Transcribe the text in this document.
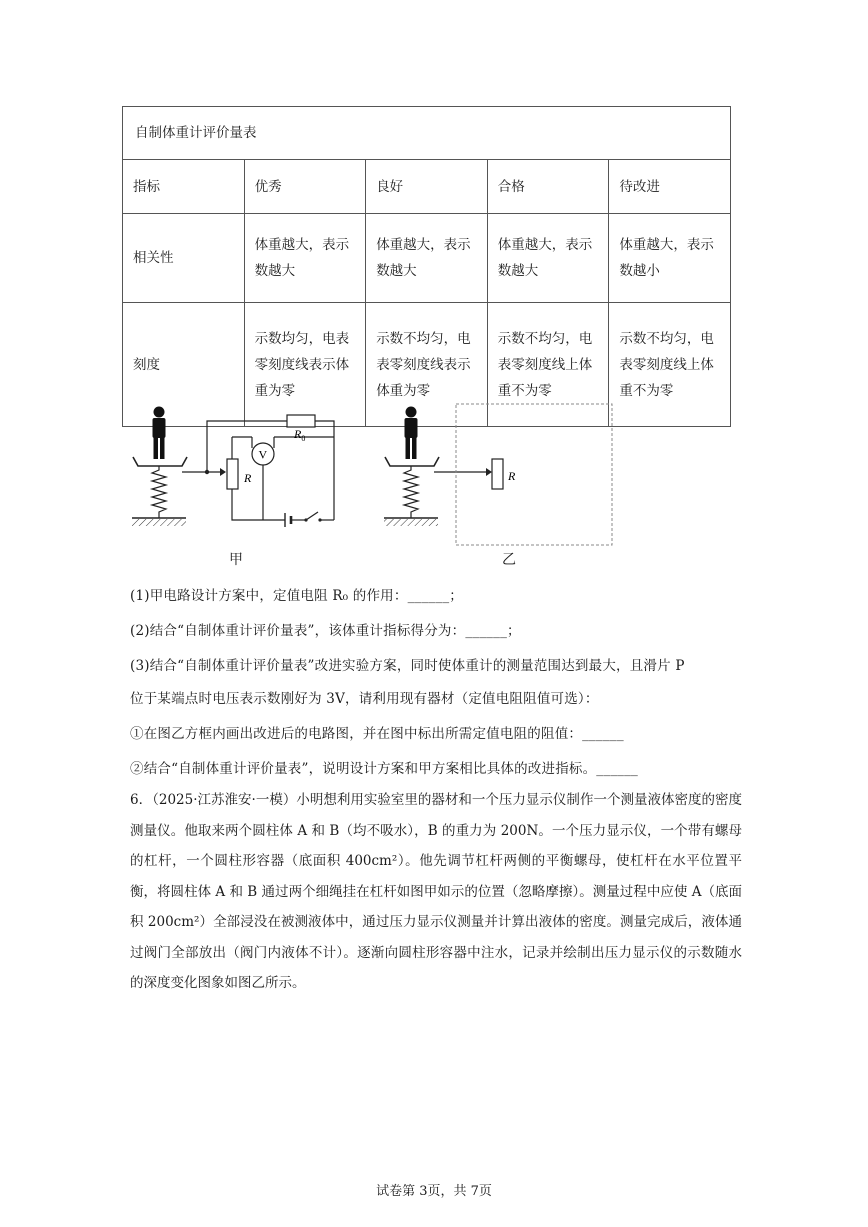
自制体重计评价量表				
指标	优秀	良好	合格	待改进
相关性	体重越大，表示数越大	体重越大，表示数越大	体重越大，表示数越大	体重越大，表示数越小
刻度	示数均匀，电表零刻度线表示体重为零	示数不均匀，电表零刻度线表示体重为零	示数不均匀，电表零刻度线上体重不为零	示数不均匀，电表零刻度线上体重不为零
R
V
$R_0$
R
甲	乙
(1)甲电路设计方案中，定值电阻 R₀ 的作用：______；
(2)结合“自制体重计评价量表”，该体重计指标得分为：______；
(3)结合“自制体重计评价量表”改进实验方案，同时使体重计的测量范围达到最大，且滑片 P
位于某端点时电压表示数刚好为 3V，请利用现有器材（定值电阻阻值可选）：
①在图乙方框内画出改进后的电路图，并在图中标出所需定值电阻的阻值：______
②结合“自制体重计评价量表”，说明设计方案和甲方案相比具体的改进指标。______
6．（2025·江苏淮安·一模）小明想利用实验室里的器材和一个压力显示仪制作一个测量液体密度的密度测量仪。他取来两个圆柱体 A 和 B（均不吸水），B 的重力为 200N。一个压力显示仪，一个带有螺母的杠杆，一个圆柱形容器（底面积 400cm²）。他先调节杠杆两侧的平衡螺母，使杠杆在水平位置平衡，将圆柱体 A 和 B 通过两个细绳挂在杠杆如图甲如示的位置（忽略摩擦）。测量过程中应使 A（底面积 200cm²）全部浸没在被测液体中，通过压力显示仪测量并计算出液体的密度。测量完成后，液体通过阀门全部放出（阀门内液体不计）。逐渐向圆柱形容器中注水，记录并绘制出压力显示仪的示数随水的深度变化图象如图乙所示。
试卷第 3页，共 7页
